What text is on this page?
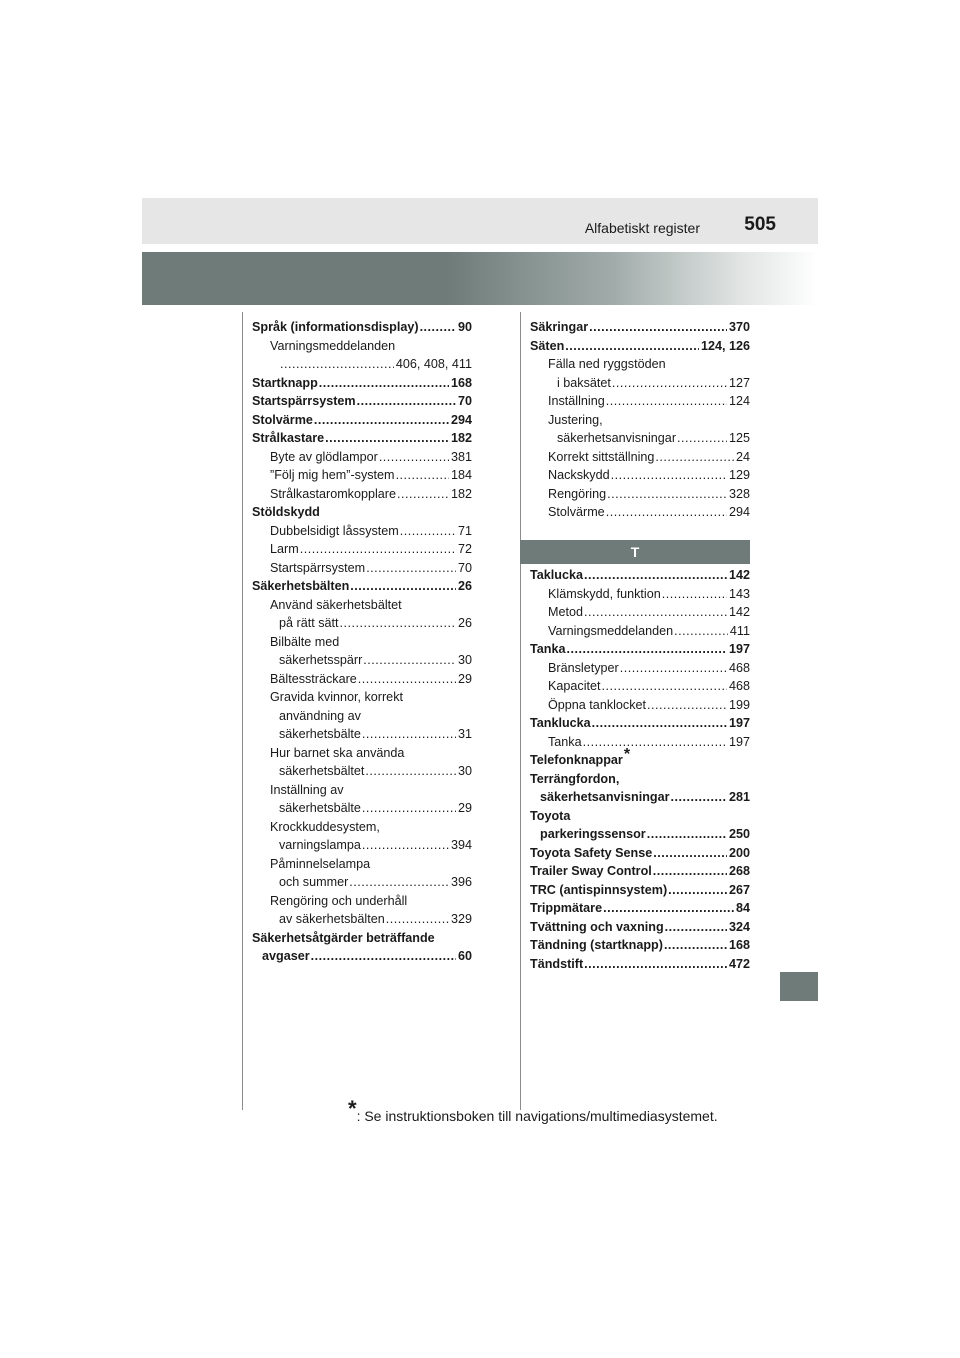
Alfabetiskt register 505
Språk (informationsdisplay) .....	90
Varningsmeddelanden
.....
406, 408, 411
Startknapp .....	168
Startspärrsystem .....	70
Stolvärme .....	294
Strålkastare .....	182
Byte av glödlampor .....	381
”Följ mig hem”-system .....	184
Strålkastaromkopplare .....	182
Stöldskydd
Dubbelsidigt låssystem .....	71
Larm .....	72
Startspärrsystem .....	70
Säkerhetsbälten .....	26
Använd säkerhetsbältet
på rätt sätt .....	26
Bilbälte med
säkerhetsspärr .....	30
Bältessträckare .....	29
Gravida kvinnor, korrekt
användning av
säkerhetsbälte .....	31
Hur barnet ska använda
säkerhetsbältet .....	30
Inställning av
säkerhetsbälte .....	29
Krockkuddesystem,
varningslampa .....	394
Påminnelselampa
och summer .....	396
Rengöring och underhåll
av säkerhetsbälten .....	329
Säkerhetsåtgärder beträffande
avgaser .....	60
Säkringar .....	370
Säten .....	124, 126
Fälla ned ryggstöden
i baksätet .....	127
Inställning .....	124
Justering,
säkerhetsanvisningar .....	125
Korrekt sittställning .....	24
Nackskydd .....	129
Rengöring .....	328
Stolvärme .....	294
T
Taklucka .....	142
Klämskydd, funktion .....	143
Metod .....	142
Varningsmeddelanden .....	411
Tanka .....	197
Bränsletyper .....	468
Kapacitet .....	468
Öppna tanklocket .....	199
Tanklucka .....	197
Tanka .....	197
Telefonknappar *
Terrängfordon,
säkerhetsanvisningar .....	281
Toyota
parkeringssensor .....	250
Toyota Safety Sense .....	200
Trailer Sway Control .....	268
TRC (antispinnsystem) .....	267
Trippmätare .....	84
Tvättning och vaxning .....	324
Tändning (startknapp) .....	168
Tändstift .....	472
*: Se instruktionsboken till navigations/multimediasystemet.
